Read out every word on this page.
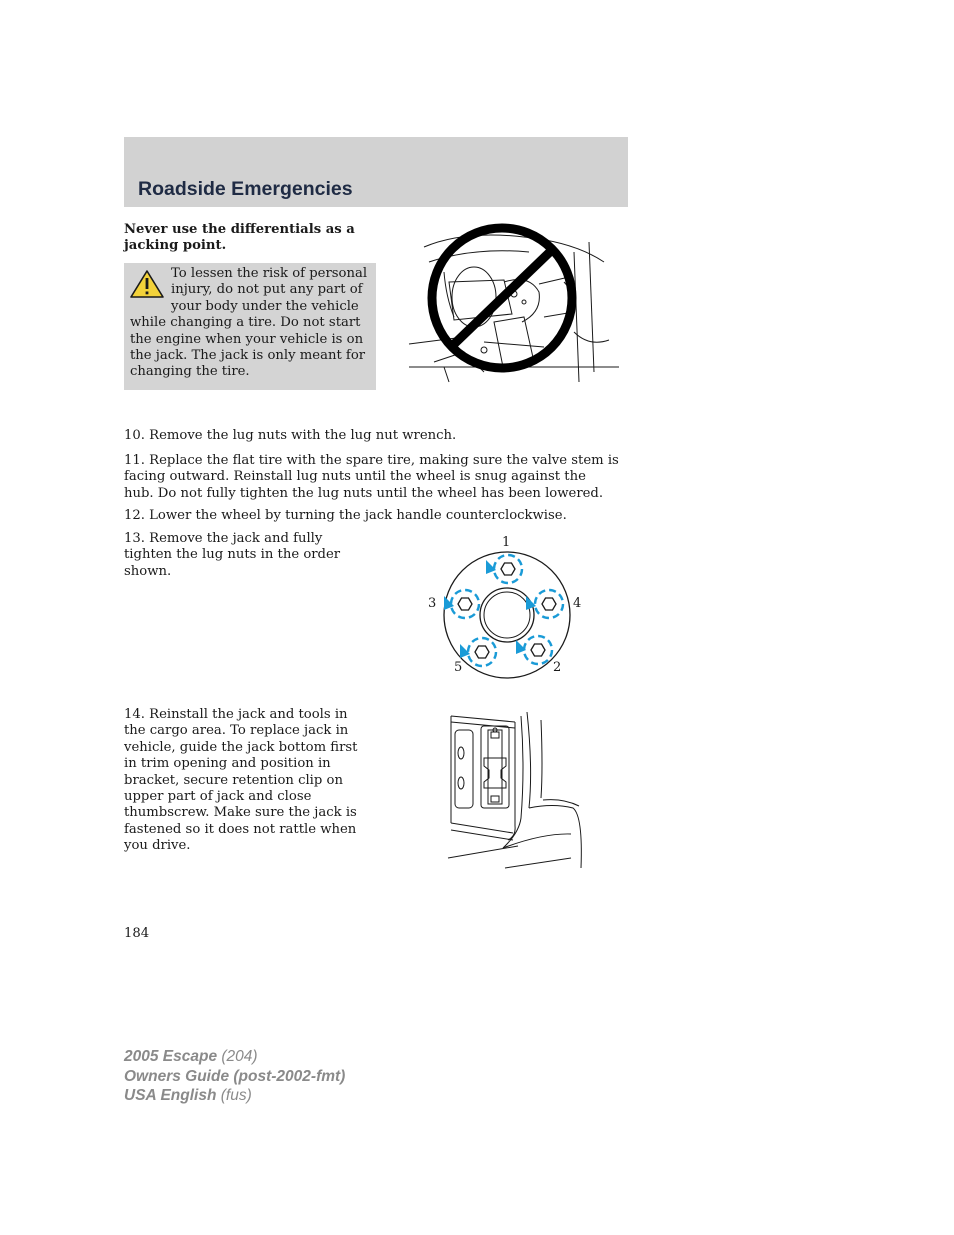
Roadside Emergencies

Never use the differentials as a jacking point.

To lessen the risk of personal injury, do not put any part of your body under the vehicle while changing a tire. Do not start the engine when your vehicle is on the jack. The jack is only meant for changing the tire.

10. Remove the lug nuts with the lug nut wrench.

11. Replace the flat tire with the spare tire, making sure the valve stem is facing outward. Reinstall lug nuts until the wheel is snug against the hub. Do not fully tighten the lug nuts until the wheel has been lowered.

12. Lower the wheel by turning the jack handle counterclockwise.

13. Remove the jack and fully tighten the lug nuts in the order shown.

1
3	4
5	2

14. Reinstall the jack and tools in the cargo area. To replace jack in vehicle, guide the jack bottom first in trim opening and position in bracket, secure retention clip on upper part of jack and close thumbscrew. Make sure the jack is fastened so it does not rattle when you drive.

184

2005 Escape (204)
Owners Guide (post-2002-fmt)
USA English (fus)
